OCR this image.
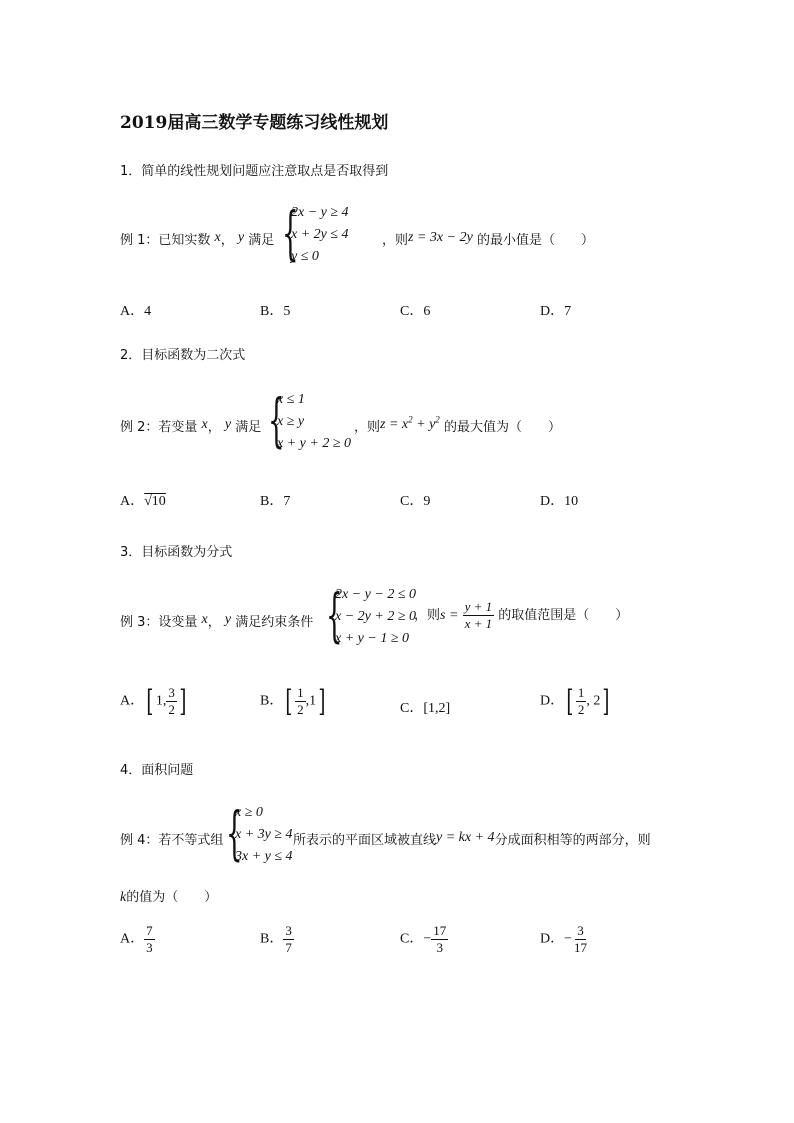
2019届高三数学专题练习线性规划
1．简单的线性规划问题应注意取点是否取得到
例 1：已知实数 x， y 满足 {
2x − y ≥ 4
x + 2y ≤ 4
y ≤ 0
，则z = 3x − 2y 的最小值是（　　）
A．4	B．5	C．6	D．7
2．目标函数为二次式
例 2：若变量 x， y 满足 {
x ≤ 1
x ≥ y
x + y + 2 ≥ 0
，则$z = x^2 + y^2$ 的最大值为（　　）
A．√10	B．7	C．9	D．10
3．目标函数为分式
例 3：设变量 x， y 满足约束条件 {
2x − y − 2 ≤ 0
x − 2y + 2 ≥ 0
x + y − 1 ≥ 0
，则$s = \frac{y + 1}{x + 1}$ 的取值范围是（　　）
A．[ 1, $\frac{3}{2}$ ]	B．[ $\frac{1}{2} ,1$]	C．[1,2]	D．[ $\frac{1}{2}$ , 2]
4．面积问题
例 4：若不等式组 {
x ≥ 0
x + 3y ≥ 4
3x + y ≤ 4
所表示的平面区域被直线y = kx + 4分成面积相等的两部分，则
k的值为（　　）
A． $\frac{7}{3}$	B． $\frac{3}{7}$	C．− $\frac{17}{3}$	D．− $\frac{3}{17}$
